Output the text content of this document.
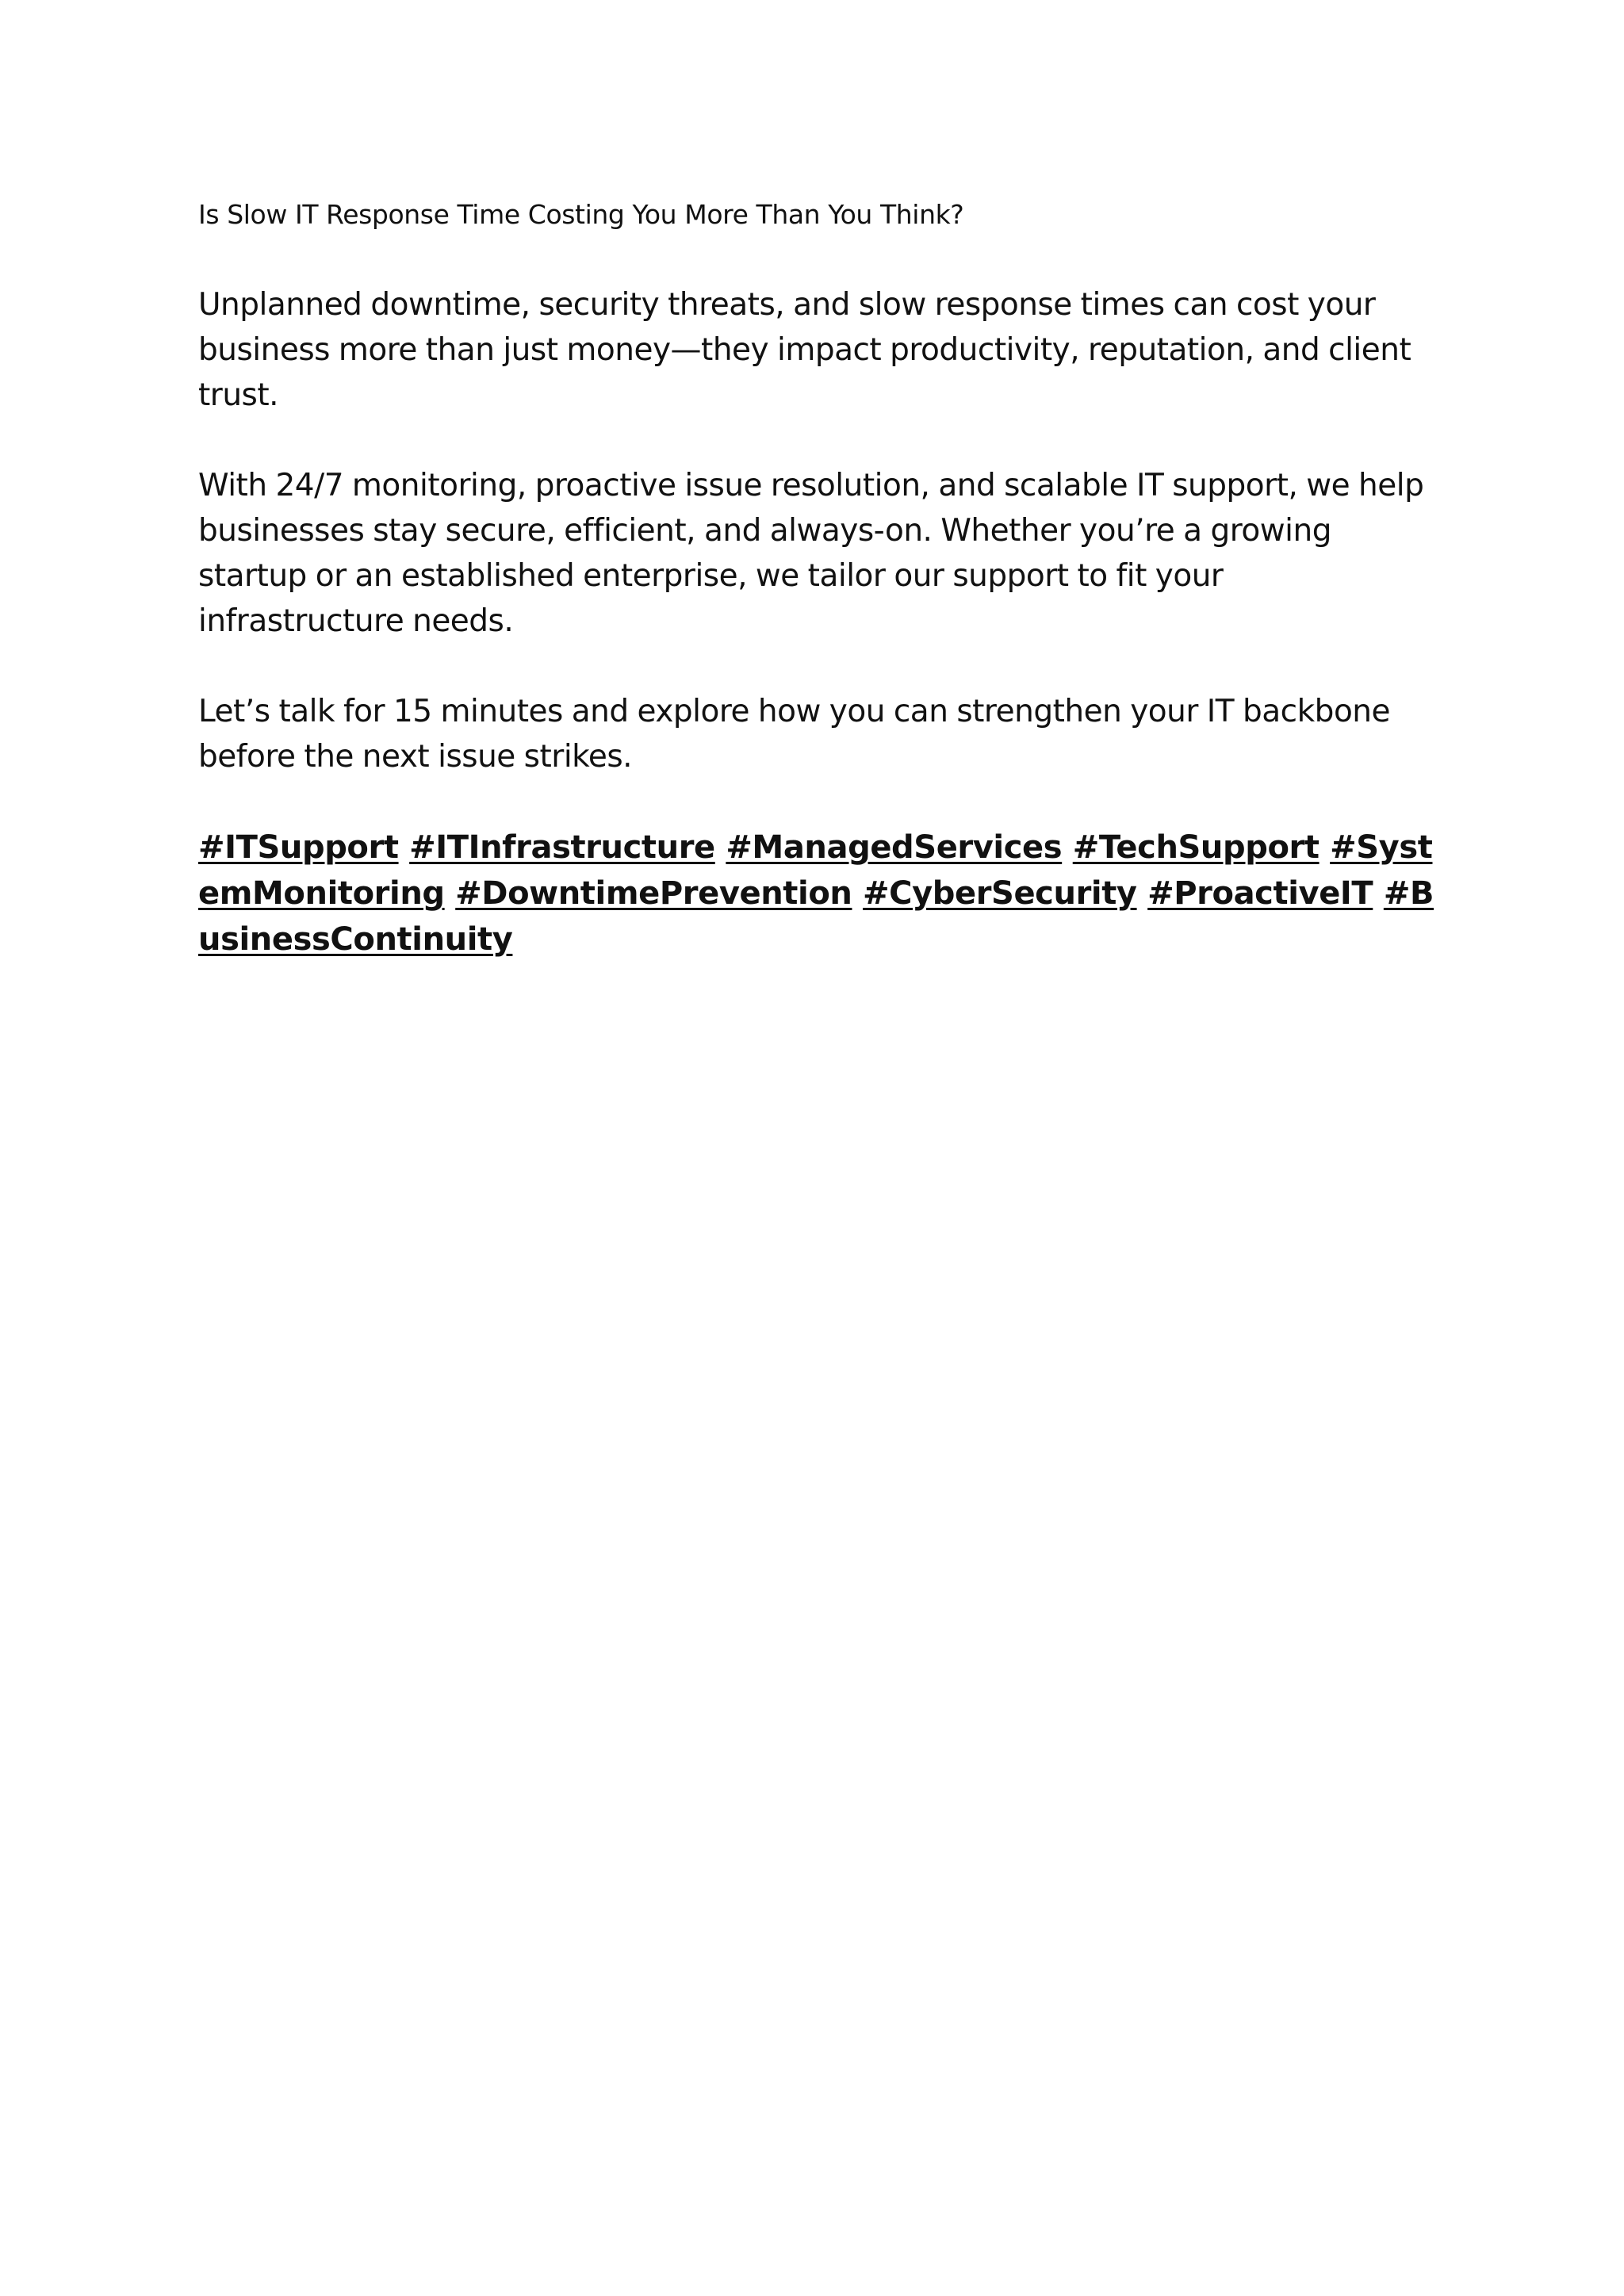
Is Slow IT Response Time Costing You More Than You Think?

Unplanned downtime, security threats, and slow response times can cost your business more than just money—they impact productivity, reputation, and client trust.

With 24/7 monitoring, proactive issue resolution, and scalable IT support, we help businesses stay secure, efficient, and always-on. Whether you’re a growing startup or an established enterprise, we tailor our support to fit your infrastructure needs.

Let’s talk for 15 minutes and explore how you can strengthen your IT backbone before the next issue strikes.

#ITSupport #ITInfrastructure #ManagedServices #TechSupport #SystemMonitoring #DowntimePrevention #CyberSecurity #ProactiveIT #BusinessContinuity
